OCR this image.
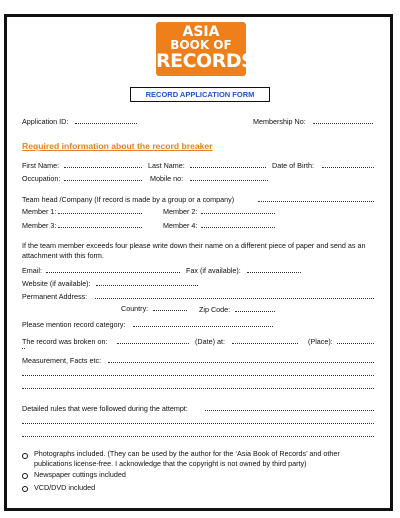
ASIA
BOOK OF
RECORDS
RECORD APPLICATION FORM
Application ID:	Membership No:
Required information about the record breaker
First Name:	Last Name:	Date of Birth:
Occupation:	Mobile no:
Team head /Company (If record is made by a group or a company)
Member 1:	Member 2:
Member 3:	Member 4:
If the team member exceeds four please write down their name on a different piece of paper and send as an attachment with this form.
Email:	Fax (if available):
Website (if available):
Permanent Address:
Country:	Zip Code:
Please mention record category:
The record was broken on:	(Date) at:	(Place):
Measurement, Facts etc:
Detailed rules that were followed during the attempt:
Photographs included. (They can be used by the author for the ‘Asia Book of Records’ and other publications license-free. I acknowledge that the copyright is not owned by third party)
Newspaper cuttings included
VCD/DVD included
